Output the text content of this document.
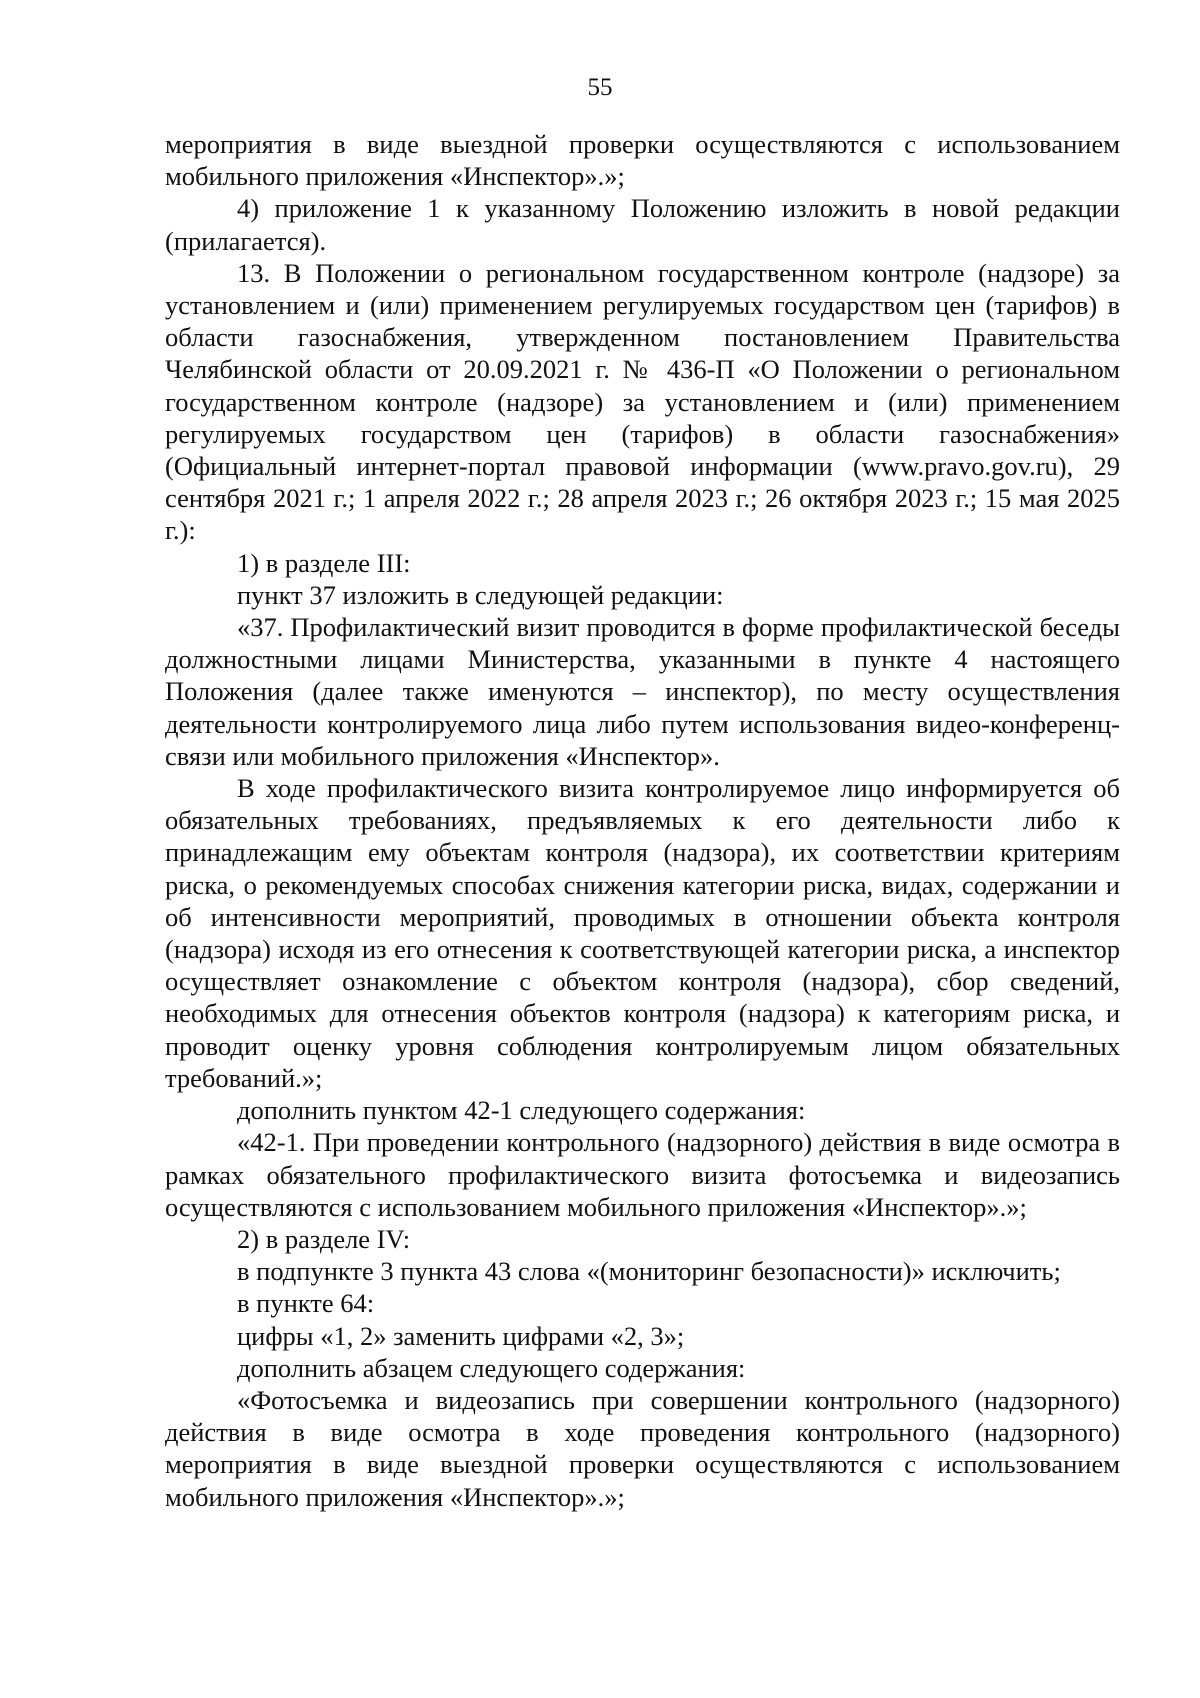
55

мероприятия в виде выездной проверки осуществляются с использованием мобильного приложения «Инспектор».»;

4) приложение 1 к указанному Положению изложить в новой редакции (прилагается).

13. В Положении о региональном государственном контроле (надзоре) за установлением и (или) применением регулируемых государством цен (тарифов) в области газоснабжения, утвержденном постановлением Правительства Челябинской области от 20.09.2021 г. № 436-П «О Положении о региональном государственном контроле (надзоре) за установлением и (или) применением регулируемых государством цен (тарифов) в области газоснабжения» (Официальный интернет-портал правовой информации (www.pravo.gov.ru), 29 сентября 2021 г.; 1 апреля 2022 г.; 28 апреля 2023 г.; 26 октября 2023 г.; 15 мая 2025 г.):

1) в разделе III:

пункт 37 изложить в следующей редакции:

«37. Профилактический визит проводится в форме профилактической беседы должностными лицами Министерства, указанными в пункте 4 настоящего Положения (далее также именуются – инспектор), по месту осуществления деятельности контролируемого лица либо путем использования видео-конференц-связи или мобильного приложения «Инспектор».

В ходе профилактического визита контролируемое лицо информируется об обязательных требованиях, предъявляемых к его деятельности либо к принадлежащим ему объектам контроля (надзора), их соответствии критериям риска, о рекомендуемых способах снижения категории риска, видах, содержании и об интенсивности мероприятий, проводимых в отношении объекта контроля (надзора) исходя из его отнесения к соответствующей категории риска, а инспектор осуществляет ознакомление с объектом контроля (надзора), сбор сведений, необходимых для отнесения объектов контроля (надзора) к категориям риска, и проводит оценку уровня соблюдения контролируемым лицом обязательных требований.»;

дополнить пунктом 42-1 следующего содержания:

«42-1. При проведении контрольного (надзорного) действия в виде осмотра в рамках обязательного профилактического визита фотосъемка и видеозапись осуществляются с использованием мобильного приложения «Инспектор».»;

2) в разделе IV:

в подпункте 3 пункта 43 слова «(мониторинг безопасности)» исключить;

в пункте 64:

цифры «1, 2» заменить цифрами «2, 3»;

дополнить абзацем следующего содержания:

«Фотосъемка и видеозапись при совершении контрольного (надзорного) действия в виде осмотра в ходе проведения контрольного (надзорного) мероприятия в виде выездной проверки осуществляются с использованием мобильного приложения «Инспектор».»;
